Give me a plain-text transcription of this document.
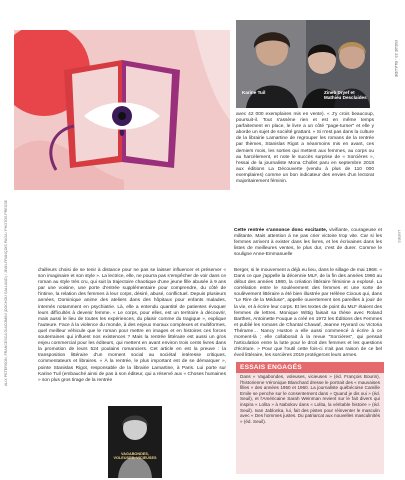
Karine Tuil	Zineb Dryef et Mathieu Desclaides
ISSUE 23 - BLAUDE
ALIX PETERSON, FRANCESCA GIACOMINI (DOCHOU GALLAND) / JEAN-FRANÇOIS PAGA / PHOTOS PRESSE	LIVRES

avec 42 000 exemplaires mis en vente). « J'y crois beaucoup, poursuit-il. Tout s'assène rien et est en même temps parfaitement en place, le livre a un côté "page-turner" et elle y aborde un sujet de société grattant. » Si n'est pas dans la culture de la librairie Lamartine de regrouper les romans de la rentrée par thèmes, Stanislas Rigot a néanmoins mis en avant, ces derniers mois, les sorties qui mettent aux femmes, au corps ou au harcèlement, et note le succès surprise de « Sorcières », l'essai de la journaliste Mona Chollet paru en septembre 2018 aux éditions La Découverte (vendu à plus de 110 000 exemplaires) comme un bon indicateur des envies d'un lectorat majoritairement féminin.

Cette rentrée s'annonce donc excitante, vivifiante, courageuse et militante. Mais attention à ne pas crier victoire trop vite. Car si les femmes arrivent à exister dans les livres, et les écrivaines dans les listes de meilleures ventes, le plus dur, c'est de durer. Comme le souligne Anne-Emmanuelle

d'ailleurs choisi de se tenir à distance pour ne pas se laisser influencer et préserver « son imaginaire et son style ». La lectrice, elle, ne pourra pas s'empêcher de voir dans ce roman au style très cru, qui suit la trajectoire chaotique d'une jeune fille abusée à 9 ans par une voisine, une porte d'entrée supplémentaire pour comprendre, du côté de l'intime, la relation des femmes à leur corps, désiré, abusé, conflictuel. Depuis plusieurs années, Dominique anime des ateliers dans des hôpitaux pour enfants malades, internés notamment en psychiatrie. Là, elle a entendu quantité de patientes évoquer leurs difficultés à devenir femme. « Le corps, pour elles, est un territoire à découvrir, mais aussi le lieu de toutes les expériences, du plaisir comme du tragique », explique l'auteure. Face à la violence du monde, à des enjeux moraux complexes et multiformes, quel meilleur véhicule que le roman pour mettre en images et en histoires ces forces souterraines qui influent nos existences ? Mais la rentrée littéraire est aussi un gros enjeu commercial pour les éditeurs, qui mettent en avant environ trois cents livres dans la promotion de leurs 524 poulains romanciers. Cet article en est la preuve : la transposition littéraire d'un moment social au sociétal intéresse critiques, commentateurs et libraires. « À la rentrée, le plus important est de se démarquer », pointe Stanislas Rigot, responsable de la librairie Lamartine, à Paris. Lui porte sur Karine Tuil (embauché ainsi de pas à son éditeur, qui a réservé aux « Choses humaines » son plus gros tirage de la rentrée

Berger, si le mouvement a déjà eu lieu, dans le sillage de mai 1968. « Dans ce que j'appelle la décennie MLF, de la fin des années 1960 au début des années 1980, la création littéraire féminine a explosé. La corrélation entre le soulèvement des femmes et une sorte de soulèvement littéraire a été bien illustrée par Hélène Cixous qui, dans "Le Rire de la Méduse", appelle ouvertement ses pareilles à jouir de la vie, et à écrire leur corps. Et les textes de point du MLF étaient des femmes de lettres. Monique Wittig faisait sa thèse avec Roland Barthes, Antoinette Fouque a créé en 1972 les Éditions des Femmes et publié les romans de Chantal Chawaf, Jeanne Hyvrard ou Victoria Thérame… Nancy Huston a elle aussi commencé à écrire à ce moment-là ; elle collaborait à la revue "Sorcières", qui pensait l'articulation entre la lutte pour le droit des femmes et les questions d'écriture. » Pour que l'outil cette fois-ci n'ait pas raison de ce bel éveil littéraire, les sorcières 2019 protégeront leurs armes.

ESSAIS ENGAGÉS
Dans « Vagabondes, voleuses, vicieuses » (éd. François Bourin), l'historienne Véronique Blanchard dresse le portrait des « mauvaises filles » des années 1950 et 1960. La journaliste québécoise Camille Emile se penche sur le consentement dans « Quand je dis oui » (éd. Seuil), et l'Américaine Sarah Weinman revient sur le fait divers qui inspira « Lolita » à Nabokov dans « Lolita, la véritable histoire » (éd. Seuil). Ivan Jablonka, lui, fait des pistes pour réinventer le masculin avec « Des hommes justes. Du patriarcat aux nouvelles masculinités » (éd. Seuil).
VAGABONDES, VOLEUSES, VICIEUSES
